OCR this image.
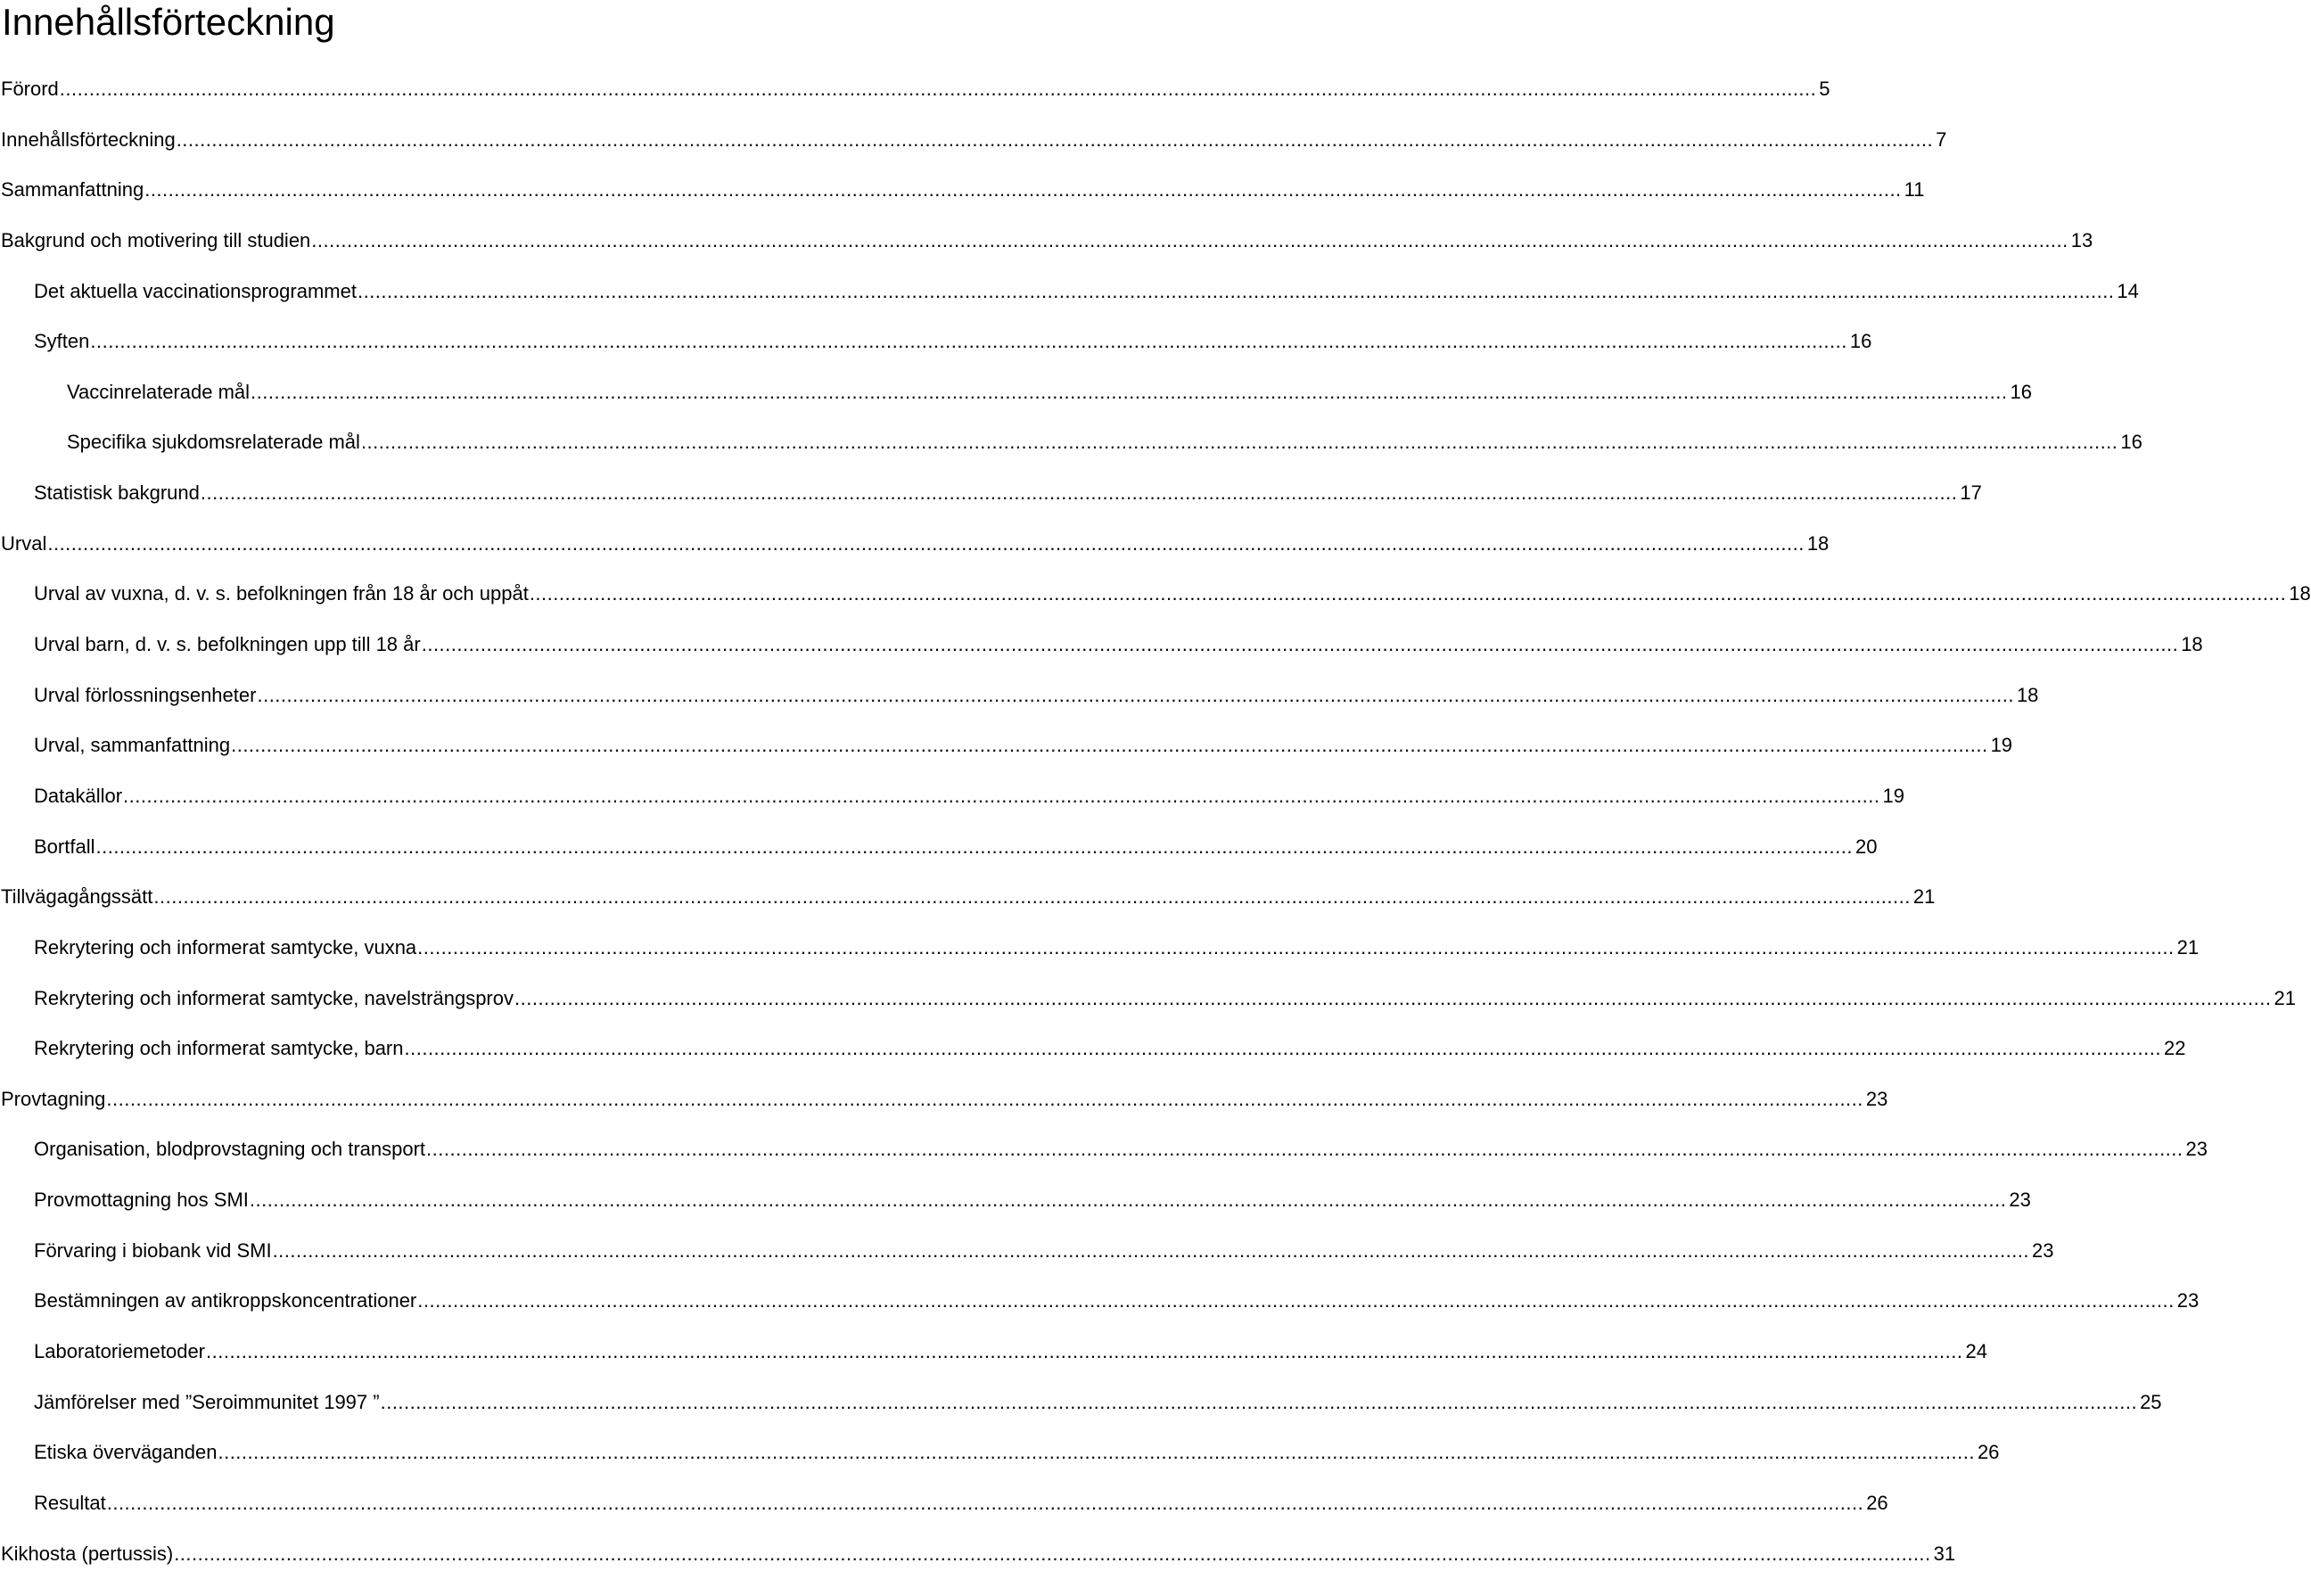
Innehållsförteckning
Förord .......................................................................................................................................................................................................................................................................................................... 5
Innehållsförteckning .......................................................................................................................................................................................................................................................................................................... 7
Sammanfattning .......................................................................................................................................................................................................................................................................................................... 11
Bakgrund och motivering till studien .......................................................................................................................................................................................................................................................................................................... 13
Det aktuella vaccinationsprogrammet .......................................................................................................................................................................................................................................................................................................... 14
Syften .......................................................................................................................................................................................................................................................................................................... 16
Vaccinrelaterade mål .......................................................................................................................................................................................................................................................................................................... 16
Specifika sjukdomsrelaterade mål .......................................................................................................................................................................................................................................................................................................... 16
Statistisk bakgrund .......................................................................................................................................................................................................................................................................................................... 17
Urval .......................................................................................................................................................................................................................................................................................................... 18
Urval av vuxna, d. v. s. befolkningen från 18 år och uppåt .......................................................................................................................................................................................................................................................................................................... 18
Urval barn, d. v. s. befolkningen upp till 18 år .......................................................................................................................................................................................................................................................................................................... 18
Urval förlossningsenheter .......................................................................................................................................................................................................................................................................................................... 18
Urval, sammanfattning .......................................................................................................................................................................................................................................................................................................... 19
Datakällor .......................................................................................................................................................................................................................................................................................................... 19
Bortfall .......................................................................................................................................................................................................................................................................................................... 20
Tillvägagångssätt .......................................................................................................................................................................................................................................................................................................... 21
Rekrytering och informerat samtycke, vuxna .......................................................................................................................................................................................................................................................................................................... 21
Rekrytering och informerat samtycke, navelsträngsprov .......................................................................................................................................................................................................................................................................................................... 21
Rekrytering och informerat samtycke, barn .......................................................................................................................................................................................................................................................................................................... 22
Provtagning .......................................................................................................................................................................................................................................................................................................... 23
Organisation, blodprovstagning och transport .......................................................................................................................................................................................................................................................................................................... 23
Provmottagning hos SMI .......................................................................................................................................................................................................................................................................................................... 23
Förvaring i biobank vid SMI .......................................................................................................................................................................................................................................................................................................... 23
Bestämningen av antikroppskoncentrationer .......................................................................................................................................................................................................................................................................................................... 23
Laboratoriemetoder .......................................................................................................................................................................................................................................................................................................... 24
Jämförelser med ”Seroimmunitet 1997 ” .......................................................................................................................................................................................................................................................................................................... 25
Etiska överväganden .......................................................................................................................................................................................................................................................................................................... 26
Resultat .......................................................................................................................................................................................................................................................................................................... 26
Kikhosta (pertussis) .......................................................................................................................................................................................................................................................................................................... 31
